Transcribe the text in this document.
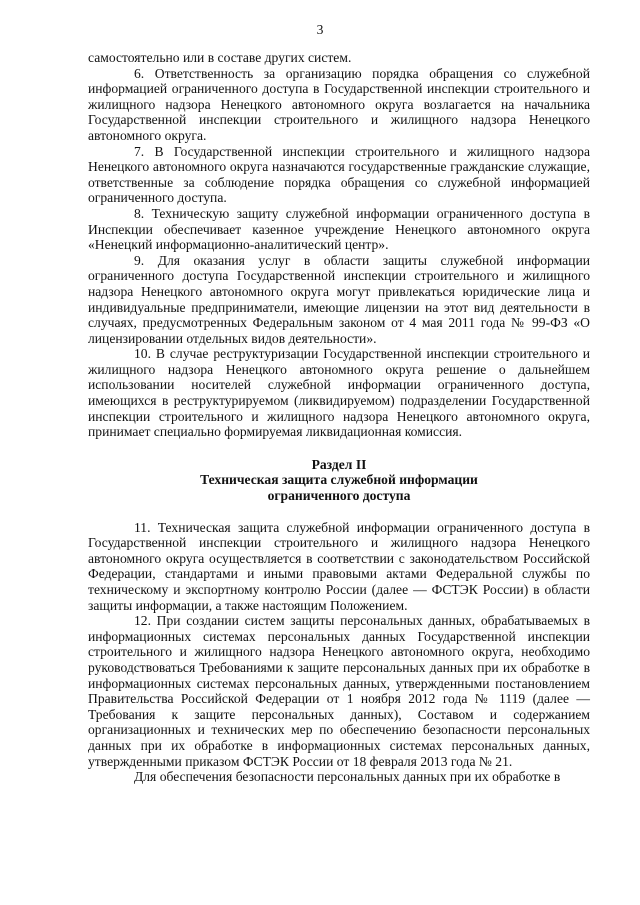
3

самостоятельно или в составе других систем.

6. Ответственность за организацию порядка обращения со служебной информацией ограниченного доступа в Государственной инспекции строительного и жилищного надзора Ненецкого автономного округа возлагается на начальника Государственной инспекции строительного и жилищного надзора Ненецкого автономного округа.

7. В Государственной инспекции строительного и жилищного надзора Ненецкого автономного округа назначаются государственные гражданские служащие, ответственные за соблюдение порядка обращения со служебной информацией ограниченного доступа.

8. Техническую защиту служебной информации ограниченного доступа в Инспекции обеспечивает казенное учреждение Ненецкого автономного округа «Ненецкий информационно-аналитический центр».

9. Для оказания услуг в области защиты служебной информации ограниченного доступа Государственной инспекции строительного и жилищного надзора Ненецкого автономного округа могут привлекаться юридические лица и индивидуальные предприниматели, имеющие лицензии на этот вид деятельности в случаях, предусмотренных Федеральным законом от 4 мая 2011 года № 99-ФЗ «О лицензировании отдельных видов деятельности».

10. В случае реструктуризации Государственной инспекции строительного и жилищного надзора Ненецкого автономного округа решение о дальнейшем использовании носителей служебной информации ограниченного доступа, имеющихся в реструктурируемом (ликвидируемом) подразделении Государственной инспекции строительного и жилищного надзора Ненецкого автономного округа, принимает специально формируемая ликвидационная комиссия.

Раздел II
Техническая защита служебной информации
ограниченного доступа

11. Техническая защита служебной информации ограниченного доступа в Государственной инспекции строительного и жилищного надзора Ненецкого автономного округа осуществляется в соответствии с законодательством Российской Федерации, стандартами и иными правовыми актами Федеральной службы по техническому и экспортному контролю России (далее — ФСТЭК России) в области защиты информации, а также настоящим Положением.

12. При создании систем защиты персональных данных, обрабатываемых в информационных системах персональных данных Государственной инспекции строительного и жилищного надзора Ненецкого автономного округа, необходимо руководствоваться Требованиями к защите персональных данных при их обработке в информационных системах персональных данных, утвержденными постановлением Правительства Российской Федерации от 1 ноября 2012 года № 1119 (далее — Требования к защите персональных данных), Составом и содержанием организационных и технических мер по обеспечению безопасности персональных данных при их обработке в информационных системах персональных данных, утвержденными приказом ФСТЭК России от 18 февраля 2013 года № 21.

Для обеспечения безопасности персональных данных при их обработке в
